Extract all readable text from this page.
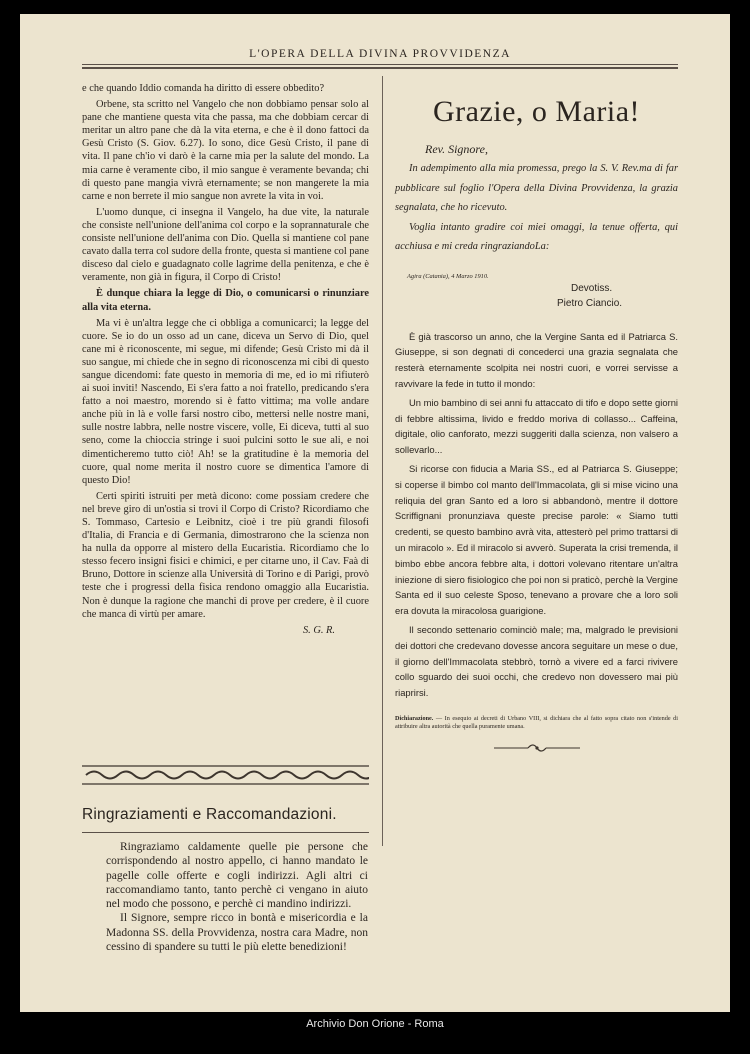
L'OPERA DELLA DIVINA PROVVIDENZA

e che quando Iddio comanda ha diritto di essere obbedito?

Orbene, sta scritto nel Vangelo che non dobbiamo pensar solo al pane che mantiene questa vita che passa, ma che dobbiam cercar di meritar un altro pane che dà la vita eterna, e che è il dono fattoci da Gesù Cristo (S. Giov. 6.27). Io sono, dice Gesù Cristo, il pane di vita. Il pane ch'io vi darò è la carne mia per la salute del mondo. La mia carne è veramente cibo, il mio sangue è veramente bevanda; chi di questo pane mangia vivrà eternamente; se non mangerete la mia carne e non berrete il mio sangue non avrete la vita in voi.

L'uomo dunque, ci insegna il Vangelo, ha due vite, la naturale che consiste nell'unione dell'anima col corpo e la soprannaturale che consiste nell'unione dell'anima con Dio. Quella si mantiene col pane cavato dalla terra col sudore della fronte, questa si mantiene col pane disceso dal cielo e guadagnato colle lagrime della penitenza, e che è veramente, non già in figura, il Corpo di Cristo!

È dunque chiara la legge di Dio, o comunicarsi o rinunziare alla vita eterna.

Ma vi è un'altra legge che ci obbliga a comunicarci; la legge del cuore. Se io do un osso ad un cane, diceva un Servo di Dio, quel cane mi è riconoscente, mi segue, mi difende; Gesù Cristo mi dà il suo sangue, mi chiede che in segno di riconoscenza mi cibi di questo sangue dicendomi: fate questo in memoria di me, ed io mi rifiuterò ai suoi inviti! Nascendo, Ei s'era fatto a noi fratello, predicando s'era fatto a noi maestro, morendo si è fatto vittima; ma volle andare anche più in là e volle farsi nostro cibo, mettersi nelle nostre mani, sulle nostre labbra, nelle nostre viscere, volle, Ei diceva, tutti al suo seno, come la chioccia stringe i suoi pulcini sotto le sue ali, e noi dimenticheremo tutto ciò! Ah! se la gratitudine è la memoria del cuore, qual nome merita il nostro cuore se dimentica l'amore di questo Dio!

Certi spiriti istruiti per metà dicono: come possiam credere che nel breve giro di un'ostia si trovi il Corpo di Cristo? Ricordiamo che S. Tommaso, Cartesio e Leibnitz, cioè i tre più grandi filosofi d'Italia, di Francia e di Germania, dimostrarono che la scienza non ha nulla da opporre al mistero della Eucaristia. Ricordiamo che lo stesso fecero insigni fisici e chimici, e per citarne uno, il Cav. Faà di Bruno, Dottore in scienze alla Università di Torino e di Parigi, provò teste che i progressi della fisica rendono omaggio alla Eucaristia. Non è dunque la ragione che manchi di prove per credere, è il cuore che manca di virtù per amare.

S. G. R.
Ringraziamenti e Raccomandazioni.

Ringraziamo caldamente quelle pie persone che corrispondendo al nostro appello, ci hanno mandato le pagelle colle offerte e cogli indirizzi. Agli altri ci raccomandiamo tanto, tanto perchè ci vengano in aiuto nel modo che possono, e perchè ci mandino indirizzi.

Il Signore, sempre ricco in bontà e misericordia e la Madonna SS. della Provvidenza, nostra cara Madre, non cessino di spandere su tutti le più elette benedizioni!

Grazie, o Maria!
Rev. Signore,

In adempimento alla mia promessa, prego la S. V. Rev.ma di far pubblicare sul foglio l'Opera della Divina Provvidenza, la grazia segnalata, che ho ricevuto.

Voglia intanto gradire coi miei omaggi, la tenue offerta, qui acchiusa e mi creda ringraziandoLa:

Agira (Catania), 4 Marzo 1910.
Devotiss.
Pietro Ciancio.

È già trascorso un anno, che la Vergine Santa ed il Patriarca S. Giuseppe, si son degnati di concederci una grazia segnalata che resterà eternamente scolpita nei nostri cuori, e vorrei servisse a ravvivare la fede in tutto il mondo:

Un mio bambino di sei anni fu attaccato di tifo e dopo sette giorni di febbre altissima, livido e freddo moriva di collasso... Caffeina, digitale, olio canforato, mezzi suggeriti dalla scienza, non valsero a sollevarlo...

Si ricorse con fiducia a Maria SS., ed al Patriarca S. Giuseppe; si coperse il bimbo col manto dell'Immacolata, gli si mise vicino una reliquia del gran Santo ed a loro si abbandonò, mentre il dottore Scriffignani pronunziava queste precise parole: « Siamo tutti credenti, se questo bambino avrà vita, attesterò pel primo trattarsi di un miracolo ». Ed il miracolo si avverò. Superata la crisi tremenda, il bimbo ebbe ancora febbre alta, i dottori volevano ritentare un'altra iniezione di siero fisiologico che poi non si praticò, perchè la Vergine Santa ed il suo celeste Sposo, tenevano a provare che a loro soli era dovuta la miracolosa guarigione.

Il secondo settenario cominciò male; ma, malgrado le previsioni dei dottori che credevano dovesse ancora seguitare un mese o due, il giorno dell'Immacolata stebbrò, tornò a vivere ed a farci rivivere collo sguardo dei suoi occhi, che credevo non dovessero mai più riaprirsi.

Dichiarazione. — In esequio ai decreti di Urbano VIII, si dichiara che al fatto sopra citato non s'intende di attribuire altra autorità che quella puramente umana.
Archivio Don Orione - Roma
